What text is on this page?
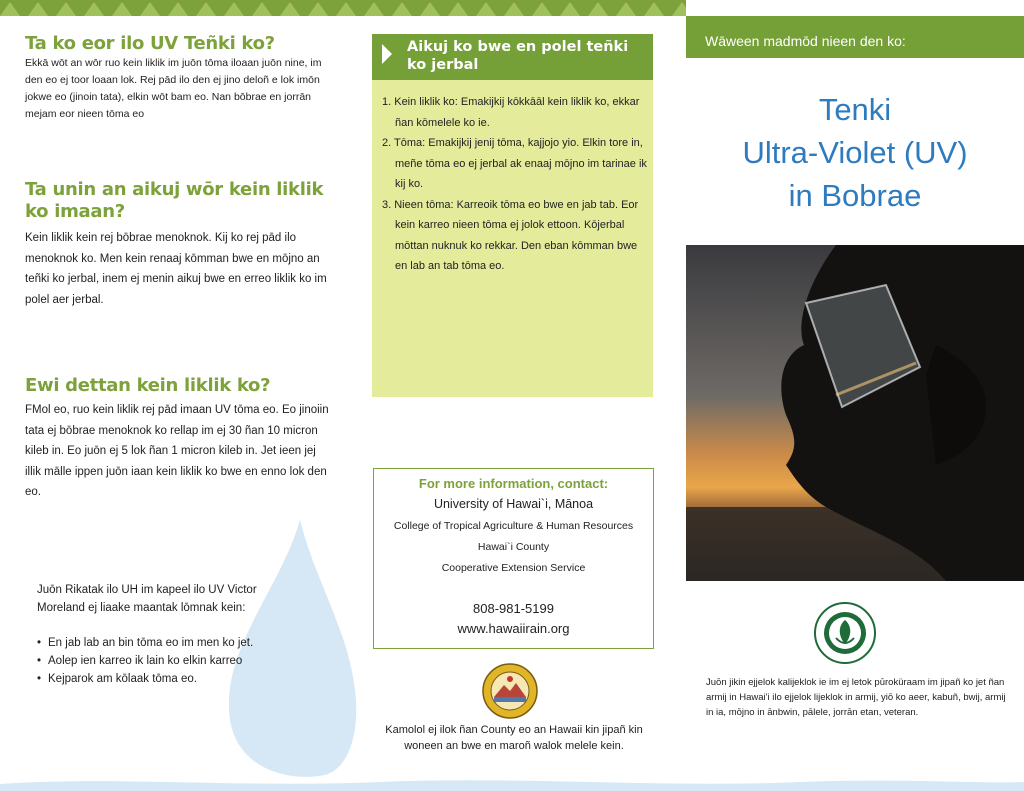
Ta ko eor ilo UV Teñki ko?
Ekkā wōt an wōr ruo kein liklik im juōn tōma iloaan juōn nine, im den eo ej toor loaan lok. Rej pād ilo den ej jino deloñ e lok imōn jokwe eo (jinoin tata), elkin wōt bam eo. Nan bōbrae en jorrān mejam eor nieen tōma eo
Ta unin an aikuj wōr kein liklik ko imaan?
Kein liklik kein rej bōbrae menoknok. Kij ko rej pād ilo menoknok ko. Men kein renaaj kōmman bwe en mōjno an teñki ko jerbal, inem ej menin aikuj bwe en erreo liklik ko im polel aer jerbal.
Ewi dettan kein liklik ko?
FMol eo, ruo kein liklik rej pād imaan UV tōma eo. Eo jinoiin tata ej bōbrae menoknok ko rellap im ej 30 ñan 10 micron kileb in. Eo juōn ej 5 lok ñan 1 micron kileb in. Jet ieen jej illik mālle ippen juōn iaan kein liklik ko bwe en enno lok den eo.
Juōn Rikatak ilo UH im kapeel ilo UV Victor Moreland ej liaake maantak lōmnak kein:
• En jab lab an bin tōma eo im men ko jet.
• Aolep ien karreo ik lain ko elkin karreo
• Kejparok am kōlaak tōma eo.
Aikuj ko bwe en polel teñki ko jerbal
1. Kein liklik ko: Emakijkij kōkkāāl kein liklik ko, ekkar ñan kōmelele ko ie.
2. Tōma: Emakijkij jenij tōma, kajjojo yio. Elkin tore in, meñe tōma eo ej jerbal ak enaaj mōjno im tarinae ik kij ko.
3. Nieen tōma: Karreoik tōma eo bwe en jab tab. Eor kein karreo nieen tōma ej jolok ettoon. Kōjerbal mōttan nuknuk ko rekkar. Den eban kōmman bwe en lab an tab tōma eo.
For more information, contact:
University of Hawai`i, Mānoa
College of Tropical Agriculture & Human Resources
Hawai`i County
Cooperative Extension Service
808-981-5199
www.hawaiirain.org
Kamolol ej ilok ñan County eo an Hawaii kin jipañ kin woneen an bwe en maroñ walok melele kein.
Wāween madmōd nieen den ko:
Tenki
Ultra-Violet (UV)
in Bobrae
Juōn jikin ejjelok kalijeklok ie im ej letok pūroküraam im jipañ ko jet ñan armij in Hawai'i ilo ejjelok lijeklok in armij, yiō ko aeer, kabuñ, bwij, armij in ia, mōjno in ānbwin, pālele, jorrān etan, veteran.
